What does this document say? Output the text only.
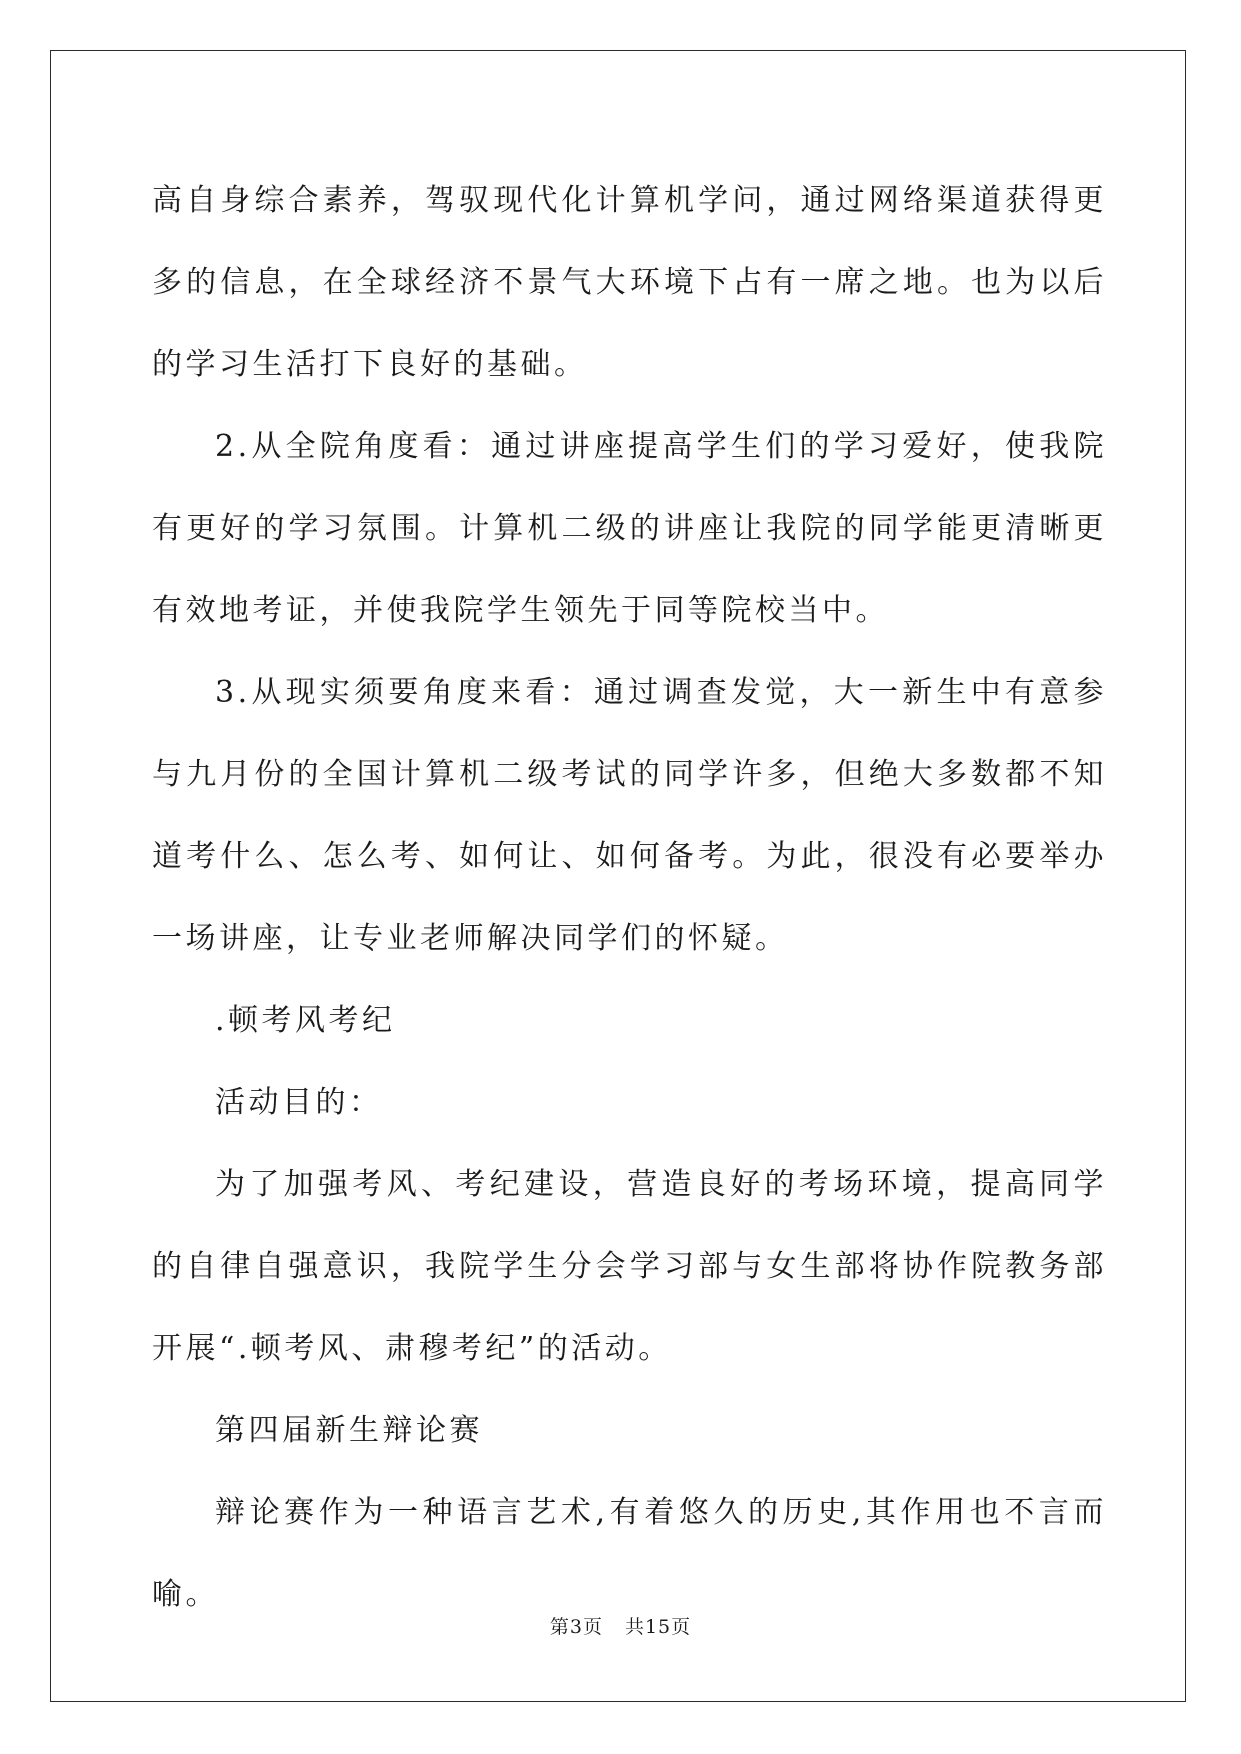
高自身综合素养，驾驭现代化计算机学问，通过网络渠道获得更多的信息，在全球经济不景气大环境下占有一席之地。也为以后的学习生活打下良好的基础。

2.从全院角度看：通过讲座提高学生们的学习爱好，使我院有更好的学习氛围。计算机二级的讲座让我院的同学能更清晰更有效地考证，并使我院学生领先于同等院校当中。

3.从现实须要角度来看：通过调查发觉，大一新生中有意参与九月份的全国计算机二级考试的同学许多，但绝大多数都不知道考什么、怎么考、如何让、如何备考。为此，很没有必要举办一场讲座，让专业老师解决同学们的怀疑。

.顿考风考纪

活动目的：

为了加强考风、考纪建设，营造良好的考场环境，提高同学的自律自强意识，我院学生分会学习部与女生部将协作院教务部开展“.顿考风、肃穆考纪”的活动。

第四届新生辩论赛

辩论赛作为一种语言艺术,有着悠久的历史,其作用也不言而喻。

第3页 共15页
